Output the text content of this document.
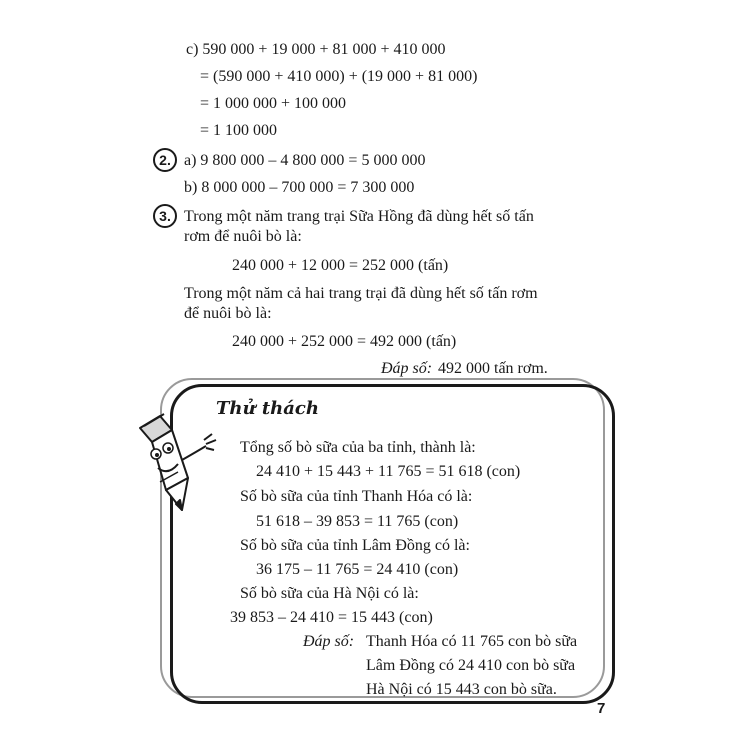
c) 590 000 + 19 000 + 81 000 + 410 000
= (590 000 + 410 000) + (19 000 + 81 000)
= 1 000 000 + 100 000
= 1 100 000
2. a) 9 800 000 – 4 800 000 = 5 000 000
b) 8 000 000 – 700 000 = 7 300 000
3. Trong một năm trang trại Sữa Hồng đã dùng hết số tấn
rơm để nuôi bò là:
240 000 + 12 000 = 252 000 (tấn)
Trong một năm cả hai trang trại đã dùng hết số tấn rơm
để nuôi bò là:
240 000 + 252 000 = 492 000 (tấn)
Đáp số: 492 000 tấn rơm.
Thử thách
Tổng số bò sữa của ba tỉnh, thành là:
24 410 + 15 443 + 11 765 = 51 618 (con)
Số bò sữa của tỉnh Thanh Hóa có là:
51 618 – 39 853 = 11 765 (con)
Số bò sữa của tỉnh Lâm Đồng có là:
36 175 – 11 765 = 24 410 (con)
Số bò sữa của Hà Nội có là:
39 853 – 24 410 = 15 443 (con)
Đáp số: Thanh Hóa có 11 765 con bò sữa
Lâm Đồng có 24 410 con bò sữa
Hà Nội có 15 443 con bò sữa.
7
